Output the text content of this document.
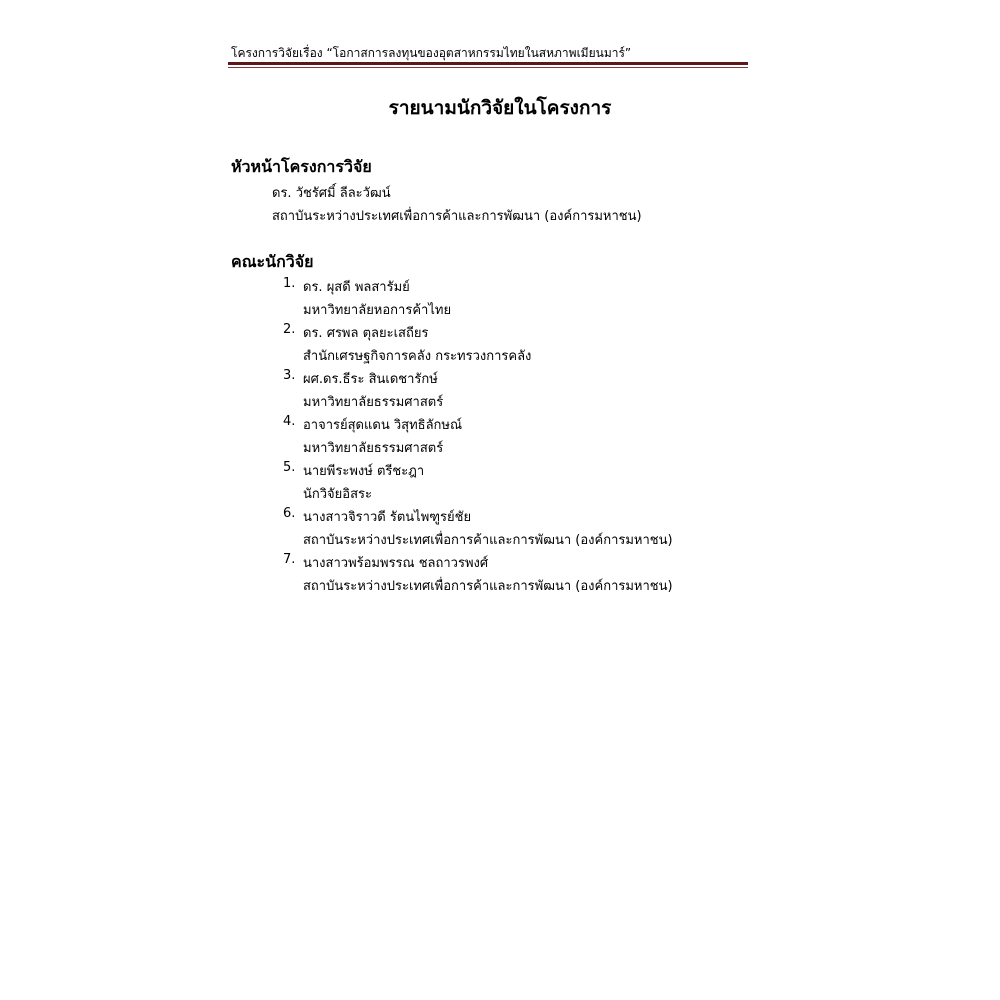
โครงการวิจัยเรื่อง “โอกาสการลงทุนของอุตสาหกรรมไทยในสหภาพเมียนมาร์”
รายนามนักวิจัยในโครงการ
หัวหน้าโครงการวิจัย
ดร. วัชรัศมิ์ ลีละวัฒน์
สถาบันระหว่างประเทศเพื่อการค้าและการพัฒนา (องค์การมหาชน)
คณะนักวิจัย
1. ดร. ผุสดี พลสารัมย์
มหาวิทยาลัยหอการค้าไทย
2. ดร. ศรพล ตุลยะเสถียร
สำนักเศรษฐกิจการคลัง กระทรวงการคลัง
3. ผศ.ดร.ธีระ สินเดชารักษ์
มหาวิทยาลัยธรรมศาสตร์
4. อาจารย์สุดแดน วิสุทธิลักษณ์
มหาวิทยาลัยธรรมศาสตร์
5. นายพีระพงษ์ ตรีชะฎา
นักวิจัยอิสระ
6. นางสาวจิราวดี รัตนไพฑูรย์ชัย
สถาบันระหว่างประเทศเพื่อการค้าและการพัฒนา (องค์การมหาชน)
7. นางสาวพร้อมพรรณ ชลถาวรพงศ์
สถาบันระหว่างประเทศเพื่อการค้าและการพัฒนา (องค์การมหาชน)
